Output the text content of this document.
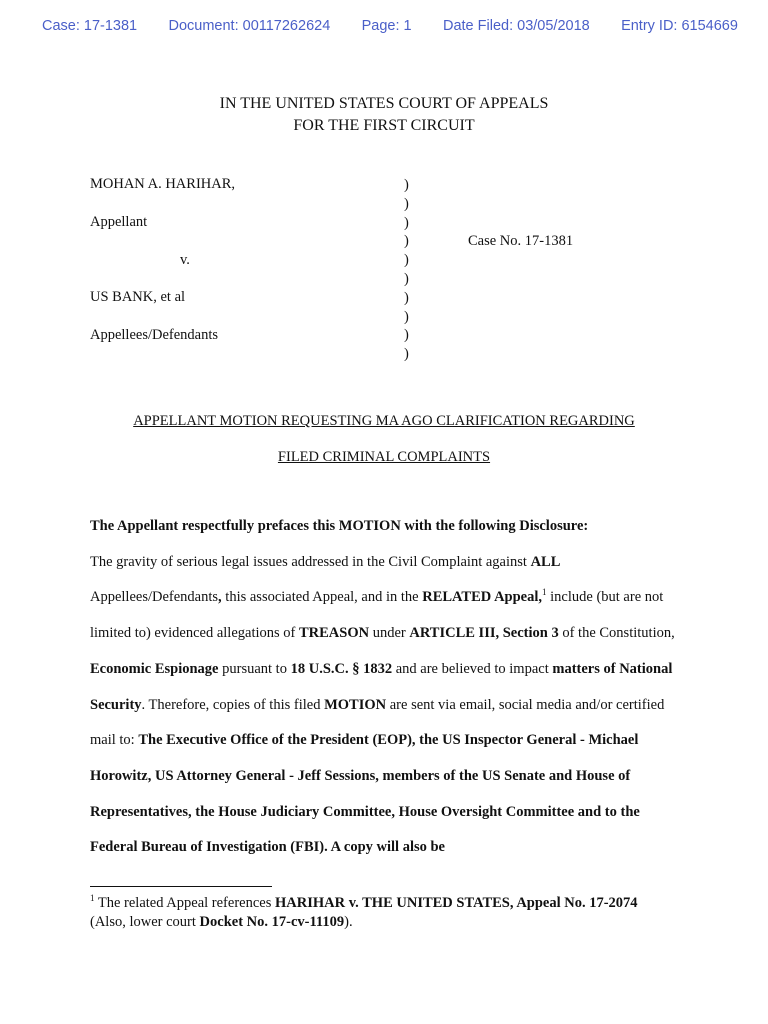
Case: 17-1381 Document: 00117262624 Page: 1 Date Filed: 03/05/2018 Entry ID: 6154669
IN THE UNITED STATES COURT OF APPEALS
FOR THE FIRST CIRCUIT
MOHAN A. HARIHAR,
Appellant
v.
US BANK, et al
Appellees/Defendants
)
)
)
)
)
)
)
)
)
)
Case No. 17-1381
APPELLANT MOTION REQUESTING MA AGO CLARIFICATION REGARDING
FILED CRIMINAL COMPLAINTS

The Appellant respectfully prefaces this MOTION with the following Disclosure:

The gravity of serious legal issues addressed in the Civil Complaint against ALL Appellees/Defendants, this associated Appeal, and in the RELATED Appeal,$^1$ include (but are not limited to) evidenced allegations of TREASON under ARTICLE III, Section 3 of the Constitution, Economic Espionage pursuant to 18 U.S.C. § 1832 and are believed to impact matters of National Security. Therefore, copies of this filed MOTION are sent via email, social media and/or certified mail to: The Executive Office of the President (EOP), the US Inspector General - Michael Horowitz, US Attorney General - Jeff Sessions, members of the US Senate and House of Representatives, the House Judiciary Committee, House Oversight Committee and to the Federal Bureau of Investigation (FBI). A copy will also be

$^1$ The related Appeal references HARIHAR v. THE UNITED STATES, Appeal No. 17-2074
(Also, lower court Docket No. 17-cv-11109).
